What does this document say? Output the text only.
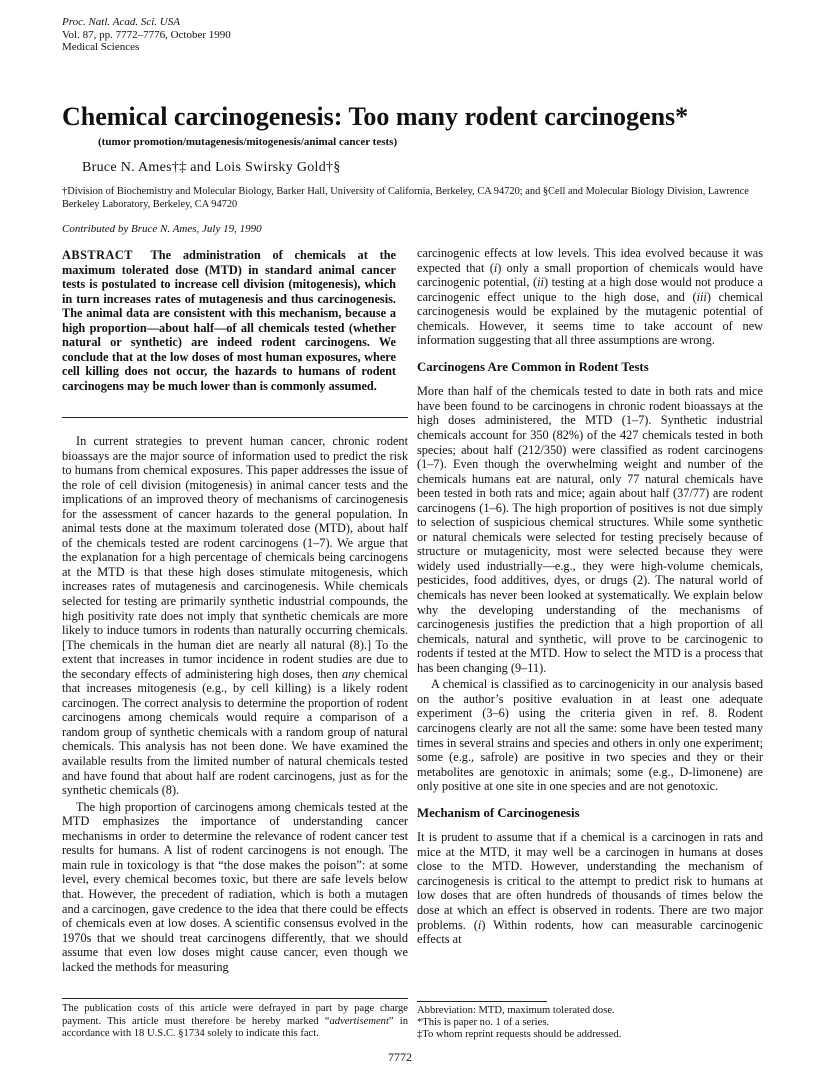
Proc. Natl. Acad. Sci. USA
Vol. 87, pp. 7772–7776, October 1990
Medical Sciences
Chemical carcinogenesis: Too many rodent carcinogens*
(tumor promotion/mutagenesis/mitogenesis/animal cancer tests)
Bruce N. Ames†‡ and Lois Swirsky Gold†§
†Division of Biochemistry and Molecular Biology, Barker Hall, University of California, Berkeley, CA 94720; and §Cell and Molecular Biology Division, Lawrence Berkeley Laboratory, Berkeley, CA 94720
Contributed by Bruce N. Ames, July 19, 1990
ABSTRACT The administration of chemicals at the maximum tolerated dose (MTD) in standard animal cancer tests is postulated to increase cell division (mitogenesis), which in turn increases rates of mutagenesis and thus carcinogenesis. The animal data are consistent with this mechanism, because a high proportion—about half—of all chemicals tested (whether natural or synthetic) are indeed rodent carcinogens. We conclude that at the low doses of most human exposures, where cell killing does not occur, the hazards to humans of rodent carcinogens may be much lower than is commonly assumed.

In current strategies to prevent human cancer, chronic rodent bioassays are the major source of information used to predict the risk to humans from chemical exposures. This paper addresses the issue of the role of cell division (mitogenesis) in animal cancer tests and the implications of an improved theory of mechanisms of carcinogenesis for the assessment of cancer hazards to the general population. In animal tests done at the maximum tolerated dose (MTD), about half of the chemicals tested are rodent carcinogens (1–7). We argue that the explanation for a high percentage of chemicals being carcinogens at the MTD is that these high doses stimulate mitogenesis, which increases rates of mutagenesis and carcinogenesis. While chemicals selected for testing are primarily synthetic industrial compounds, the high positivity rate does not imply that synthetic chemicals are more likely to induce tumors in rodents than naturally occurring chemicals. [The chemicals in the human diet are nearly all natural (8).] To the extent that increases in tumor incidence in rodent studies are due to the secondary effects of administering high doses, then any chemical that increases mitogenesis (e.g., by cell killing) is a likely rodent carcinogen. The correct analysis to determine the proportion of rodent carcinogens among chemicals would require a comparison of a random group of synthetic chemicals with a random group of natural chemicals. This analysis has not been done. We have examined the available results from the limited number of natural chemicals tested and have found that about half are rodent carcinogens, just as for the synthetic chemicals (8).

The high proportion of carcinogens among chemicals tested at the MTD emphasizes the importance of understanding cancer mechanisms in order to determine the relevance of rodent cancer test results for humans. A list of rodent carcinogens is not enough. The main rule in toxicology is that “the dose makes the poison”: at some level, every chemical becomes toxic, but there are safe levels below that. However, the precedent of radiation, which is both a mutagen and a carcinogen, gave credence to the idea that there could be effects of chemicals even at low doses. A scientific consensus evolved in the 1970s that we should treat carcinogens differently, that we should assume that even low doses might cause cancer, even though we lacked the methods for measuring

carcinogenic effects at low levels. This idea evolved because it was expected that (i) only a small proportion of chemicals would have carcinogenic potential, (ii) testing at a high dose would not produce a carcinogenic effect unique to the high dose, and (iii) chemical carcinogenesis would be explained by the mutagenic potential of chemicals. However, it seems time to take account of new information suggesting that all three assumptions are wrong.

Carcinogens Are Common in Rodent Tests

More than half of the chemicals tested to date in both rats and mice have been found to be carcinogens in chronic rodent bioassays at the high doses administered, the MTD (1–7). Synthetic industrial chemicals account for 350 (82%) of the 427 chemicals tested in both species; about half (212/350) were classified as rodent carcinogens (1–7). Even though the overwhelming weight and number of the chemicals humans eat are natural, only 77 natural chemicals have been tested in both rats and mice; again about half (37/77) are rodent carcinogens (1–6). The high proportion of positives is not due simply to selection of suspicious chemical structures. While some synthetic or natural chemicals were selected for testing precisely because of structure or mutagenicity, most were selected because they were widely used industrially—e.g., they were high-volume chemicals, pesticides, food additives, dyes, or drugs (2). The natural world of chemicals has never been looked at systematically. We explain below why the developing understanding of the mechanisms of carcinogenesis justifies the prediction that a high proportion of all chemicals, natural and synthetic, will prove to be carcinogenic to rodents if tested at the MTD. How to select the MTD is a process that has been changing (9–11).

A chemical is classified as to carcinogenicity in our analysis based on the author’s positive evaluation in at least one adequate experiment (3–6) using the criteria given in ref. 8. Rodent carcinogens clearly are not all the same: some have been tested many times in several strains and species and others in only one experiment; some (e.g., safrole) are positive in two species and they or their metabolites are genotoxic in animals; some (e.g., D-limonene) are only positive at one site in one species and are not genotoxic.

Mechanism of Carcinogenesis

It is prudent to assume that if a chemical is a carcinogen in rats and mice at the MTD, it may well be a carcinogen in humans at doses close to the MTD. However, understanding the mechanism of carcinogenesis is critical to the attempt to predict risk to humans at low doses that are often hundreds of thousands of times below the dose at which an effect is observed in rodents. There are two major problems. (i) Within rodents, how can measurable carcinogenic effects at

The publication costs of this article were defrayed in part by page charge payment. This article must therefore be hereby marked “advertisement” in accordance with 18 U.S.C. §1734 solely to indicate this fact.
Abbreviation: MTD, maximum tolerated dose.
*This is paper no. 1 of a series.
‡To whom reprint requests should be addressed.
7772
